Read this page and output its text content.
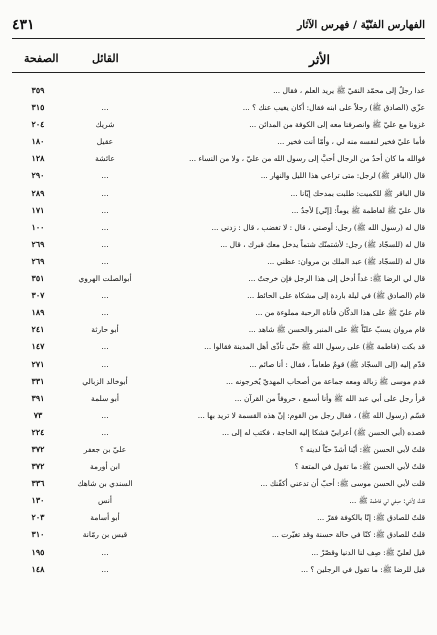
الفهارس الفنّيّة / فهرس الآثار
٤٣١
الأثر
القائل
الصفحة
عدا رجلٌ إلى محمّد النقيّ ﷺ يريد العلم ، فقال ...
٣٥٩
عزّي (الصادق ﷺ) رجلاً على ابنه فقال: أكان يغيب عنك ؟ ...
...
٣١٥
غزونا مع عليّ ﷺ وانصرفنا معه إلى الكوفة من المدائن ...
شريك
٢٠٤
فأما عليّ فخير لنفسه منه لي ، وأمّا أنت فخير ...
عقيل
١٨٠
فوالله ما كان أحدٌ من الرجال أحبَّ إلى رسول الله من عليّ ، ولا من النساء ...
عائشة
١٢٨
قال (الباقر ﷺ) لرجل: متى تراعي هذا الليل والنهار ...
...
٢٩٠
قال الباقر ﷺ للكميت: طلبت بمدحك إيّانا ...
...
٢٨٩
قال عليّ ﷺ لفاطمة ﷺ يوماً: [إنّي] لأجدُ ...
...
١٧١
قال له (رسول الله ﷺ) رجل: أوصني ، قال : لا تغضب ، قال : زدني ...
...
١٠٠
قال له (للسجّاد ﷺ) رجل: لأشتمنّك شتماً يدخل معك قبرك ، قال ...
...
٢٦٩
قال له (للسجّاد ﷺ) عبد الملك بن مروان: عظني ...
...
٢٦٩
قال لي الرضا ﷺ: غداً أدخل إلى هذا الرجل فإن خرجتُ ...
أبوالصلت الهروي
٣٥١
قام (الصادق ﷺ) في ليلة باردة إلى مشكاة على الحائط ...
...
٣٠٧
قام عليّ ﷺ على هذا الدكّان فأتاه الرحبة مملوءة من ...
...
١٨٩
قام مروان يسبّ عليّاً ﷺ على المنبر والحسن ﷺ شاهد ...
أبو حارثة
٢٤١
قد بكت (فاطمة ﷺ) على رسول الله ﷺ حتّى تأذّى أهل المدينة فقالوا ...
...
١٤٧
قدّم إليه (إلى السجّاد ﷺ) قومٌ طعاماً ، فقال : أنا صائم ...
...
٢٧١
قدم موسى ﷺ زبالة ومعه جماعة من أصحاب المهديّ يُخرجونه ...
أبوخالد الزبالي
٣٣١
قرأ رجل على أبي عبد الله ﷺ وأنا أسمع ، حروفاً من القرآن ...
أبو سلمة
٣٩١
قسّم (رسول الله ﷺ) ، فقال رجل من القوم: إنّ هذه القسمة لا تريد بها ...
...
٧٣
قصده (أبي الحسن ﷺ) أعرابيّ فشكا إليه الحاجة ، فكتب له إلى ...
...
٢٢٤
قلتُ لأبي الحسن ﷺ: أيّنا أشدّ حبّاً لدينه ؟
عليّ بن جعفر
٣٧٢
قلتُ لأبي الحسن ﷺ: ما تقول في المتعة ؟
ابن أورمة
٣٧٢
قلت لأبي الحسن موسى ﷺ: أحبّ أن تدعني أكفّنك ...
السندي بن شاهك
٣٣٦
قلتُ لأمّي: صِفي لي فاطمة ﷺ ...
أنس
١٣٠
قلتُ للصادق ﷺ: إنّا بالكوفة فقرّ ...
أبو أسامة
٢٠٣
قلتُ للصادق ﷺ: كنّا في حالة حسنة وقد تغيّرت ...
قيس بن رمّانة
٣١٠
قيل لعليّ ﷺ: صِف لنا الدنيا وقصّرْ ...
...
١٩٥
قيل للرضا ﷺ: ما تقول في الرجلين ؟ ...
...
١٤٨
